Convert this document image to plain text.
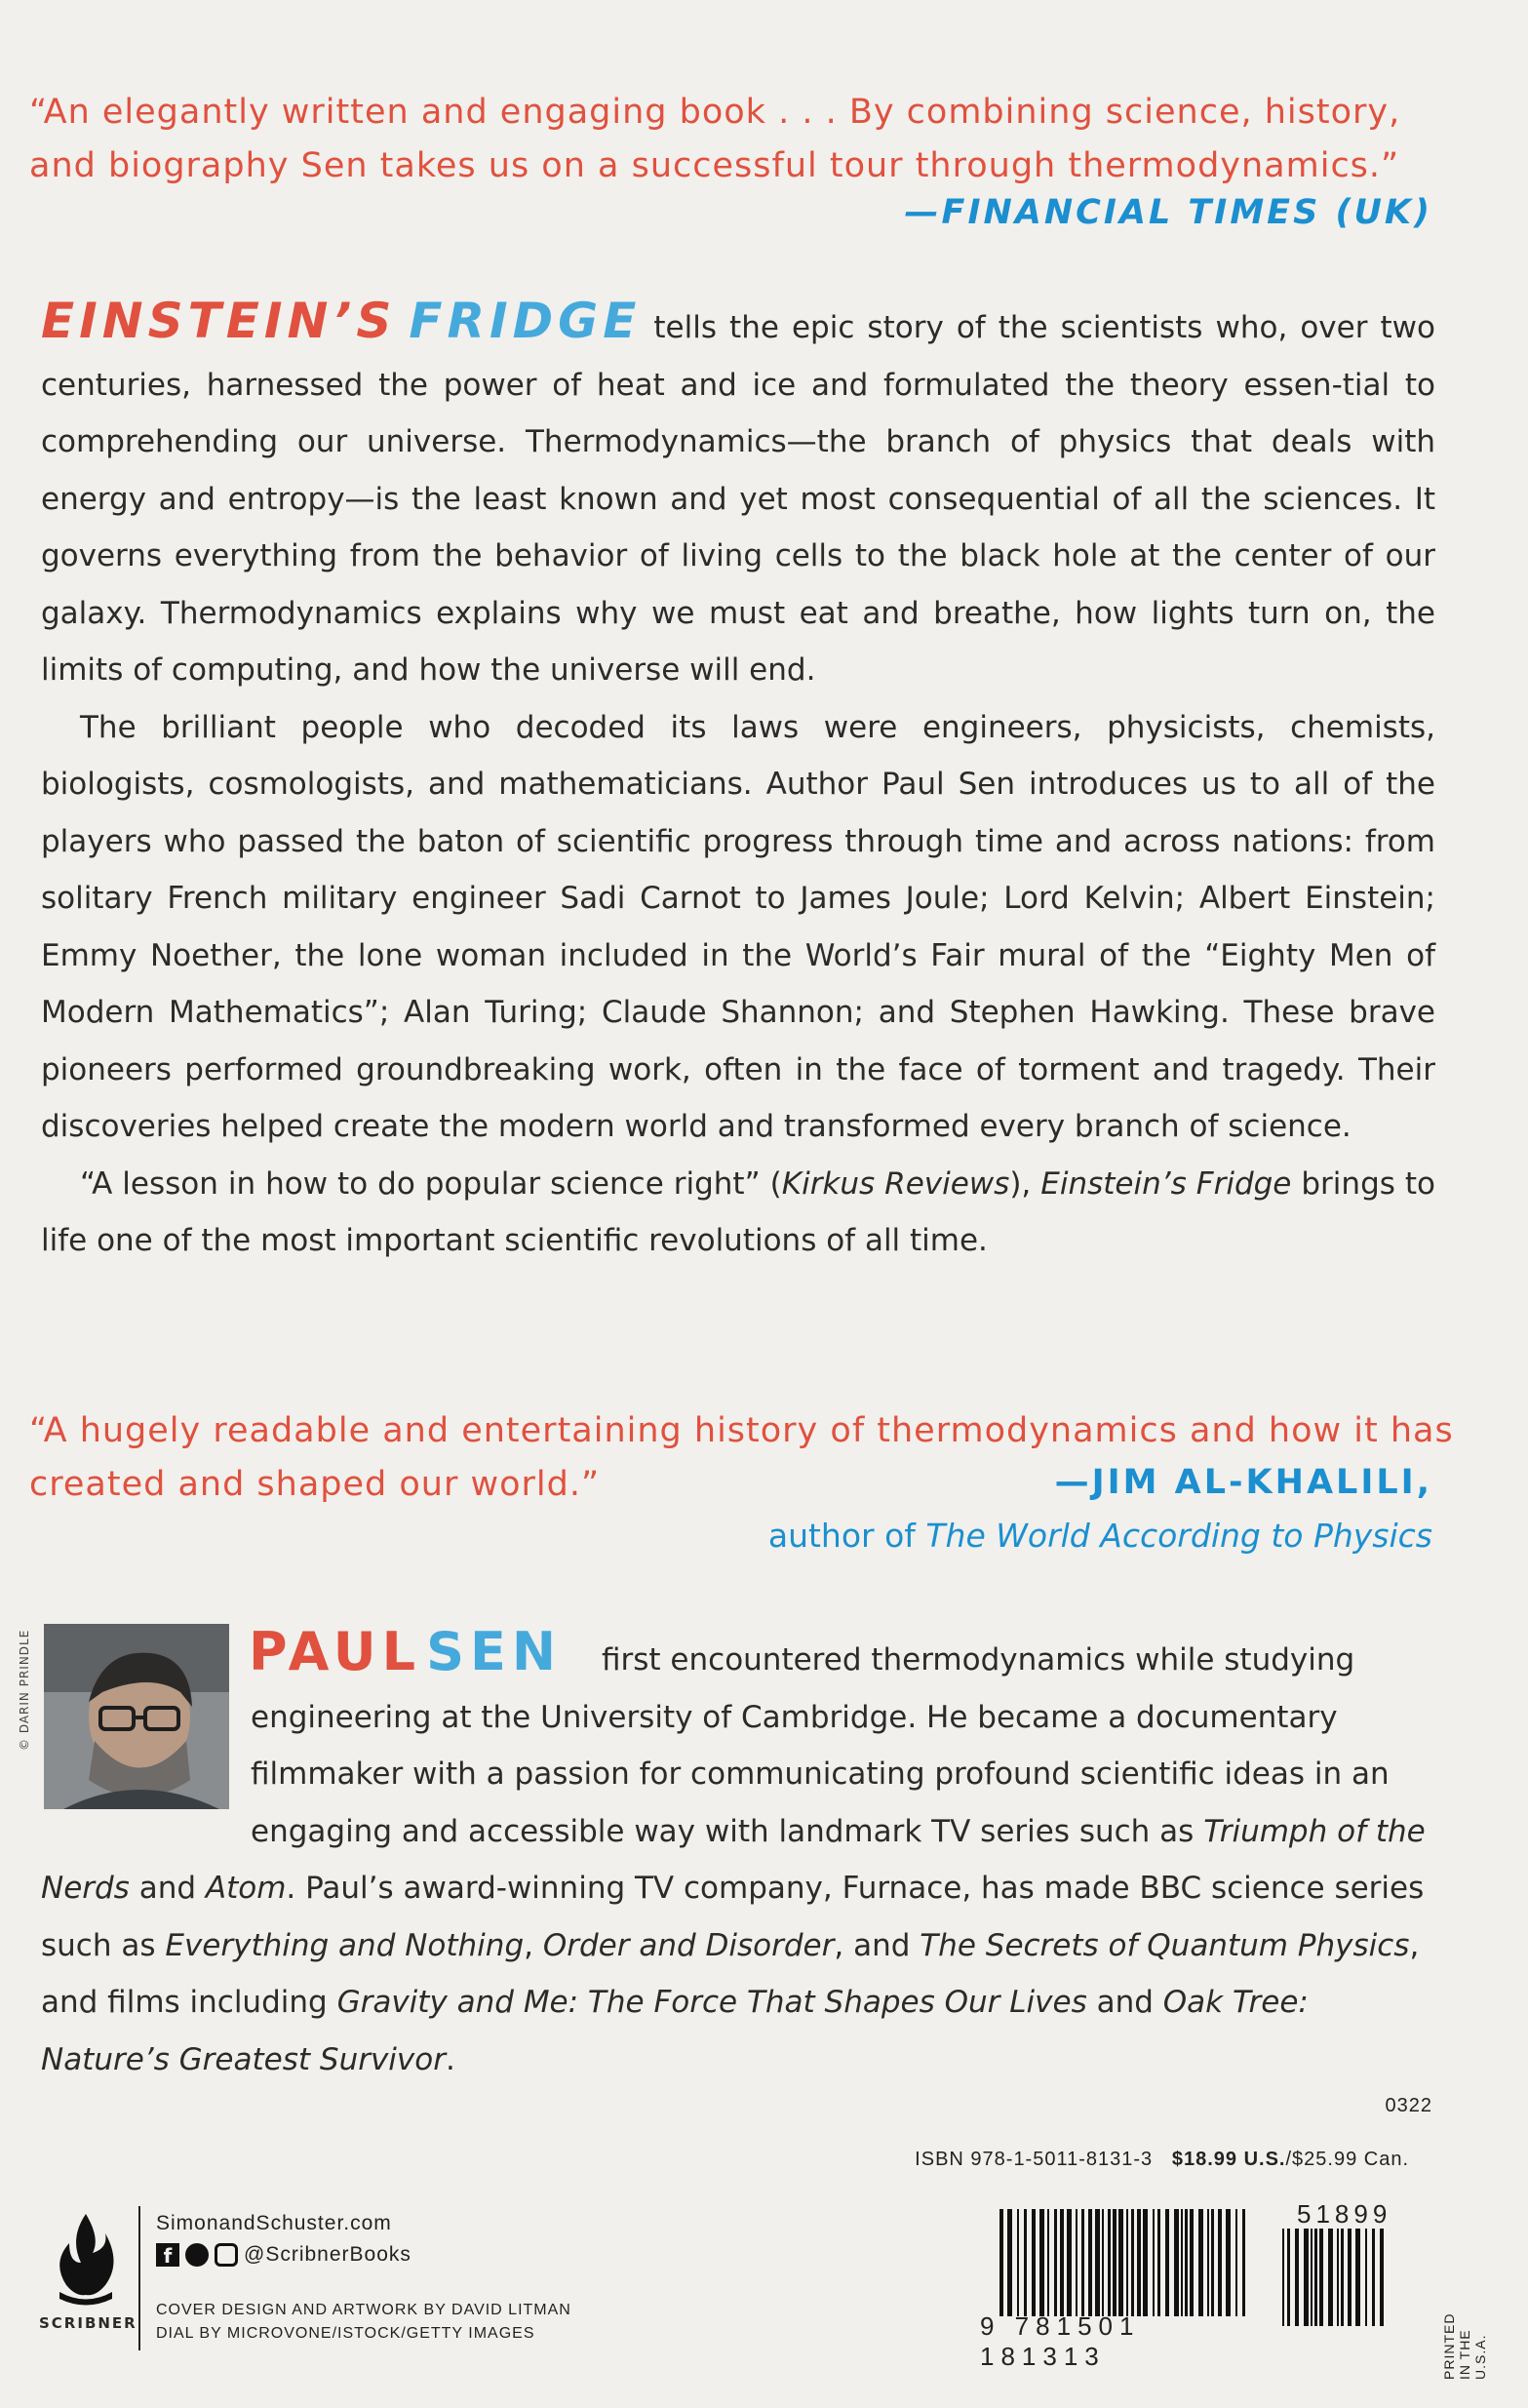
“An elegantly written and engaging book . . . By combining science, history,
and biography Sen takes us on a successful tour through thermodynamics.”
—FINANCIAL TIMES (UK)

EINSTEIN’S FRIDGE tells the epic story of the scientists who, over two centuries, harnessed the power of heat and ice and formulated the theory essen-tial to comprehending our universe. Thermodynamics—the branch of physics that deals with energy and entropy—is the least known and yet most consequential of all the sciences. It governs everything from the behavior of living cells to the black hole at the center of our galaxy. Thermodynamics explains why we must eat and breathe, how lights turn on, the limits of computing, and how the universe will end.

The brilliant people who decoded its laws were engineers, physicists, chemists, biologists, cosmologists, and mathematicians. Author Paul Sen introduces us to all of the players who passed the baton of scientific progress through time and across nations: from solitary French military engineer Sadi Carnot to James Joule; Lord Kelvin; Albert Einstein; Emmy Noether, the lone woman included in the World’s Fair mural of the “Eighty Men of Modern Mathematics”; Alan Turing; Claude Shannon; and Stephen Hawking. These brave pioneers performed groundbreaking work, often in the face of torment and tragedy. Their discoveries helped create the modern world and transformed every branch of science.

“A lesson in how to do popular science right” (Kirkus Reviews), Einstein’s Fridge brings to life one of the most important scientific revolutions of all time.

“A hugely readable and entertaining history of thermodynamics and how it has
created and shaped our world.”	—JIM AL-KHALILI,
author of The World According to Physics
© DARIN PRINDLE	PAUL SEN	first encountered thermodynamics while studying engineering at the University of Cambridge. He became a documentary filmmaker with a passion for communicating profound scientific ideas in an engaging and accessible way with landmark TV series such as Triumph of the Nerds and Atom. Paul’s award-winning TV company, Furnace, has made BBC science series such as Everything and Nothing, Order and Disorder, and The Secrets of Quantum Physics, and films including Gravity and Me: The Force That Shapes Our Lives and Oak Tree: Nature’s Greatest Survivor.
0322
ISBN 978-1-5011-8131-3 $18.99 U.S./$25.99 Can.
SCRIBNER
SimonandSchuster.com
f	@ScribnerBooks
COVER DESIGN AND ARTWORK BY DAVID LITMAN
DIAL BY MICROVONE/ISTOCK/GETTY IMAGES	9 781501 181313
51899
PRINTED IN THE U.S.A.
